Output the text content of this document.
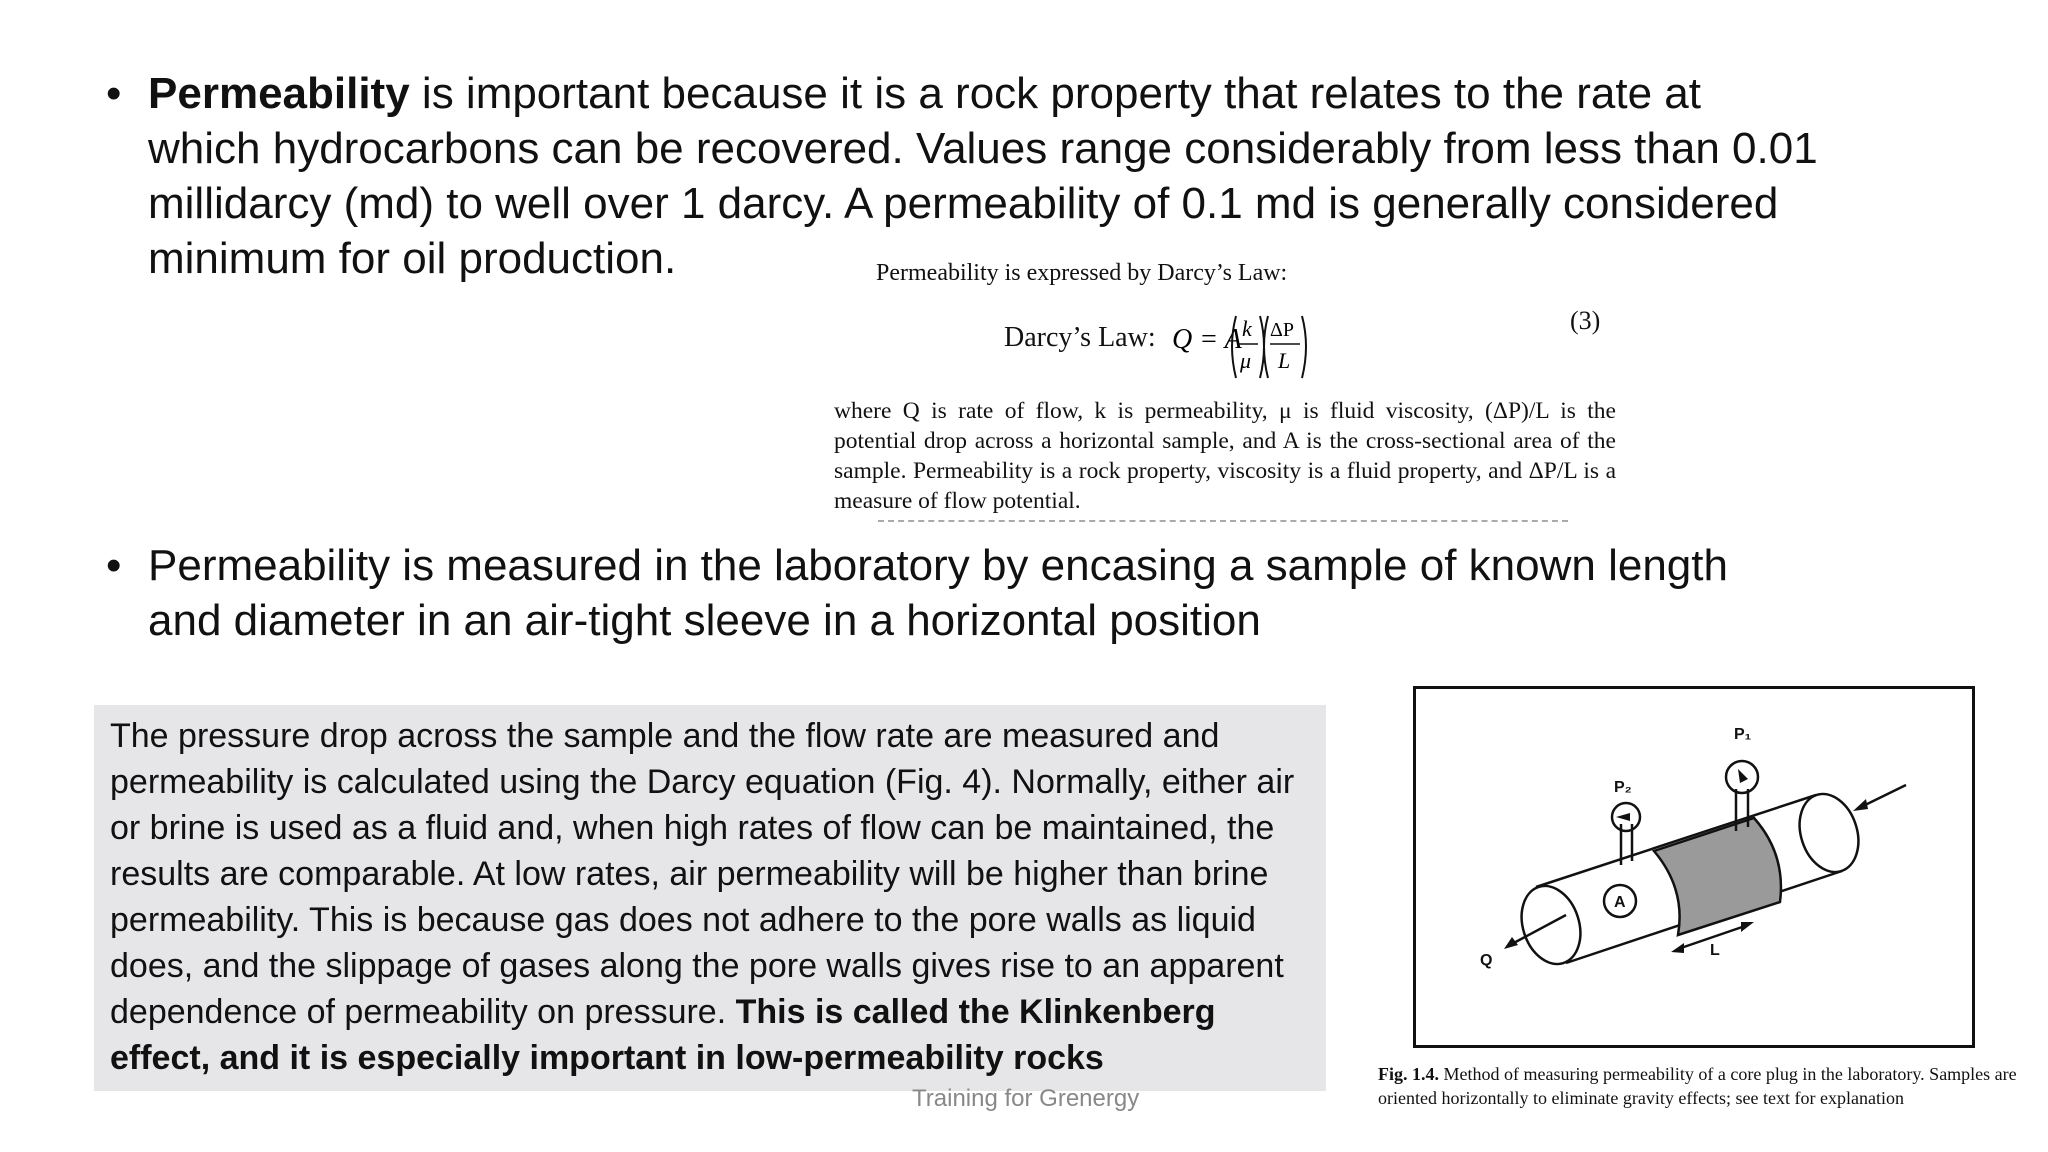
• Permeability is important because it is a rock property that relates to the rate at
which hydrocarbons can be recovered. Values range considerably from less than 0.01
millidarcy (md) to well over 1 darcy. A permeability of 0.1 md is generally considered
minimum for oil production.	Permeability is expressed by Darcy’s Law:
Darcy’s Law: Q = A k
μ
ΔP
L
(3)
where Q is rate of flow, k is permeability, μ is fluid viscosity, (ΔP)/L is the potential drop across a horizontal sample, and A is the cross-sectional area of the sample. Permeability is a rock property, viscosity is a fluid property, and ΔP/L is a measure of flow potential.
• Permeability is measured in the laboratory by encasing a sample of known length
and diameter in an air-tight sleeve in a horizontal position

The pressure drop across the sample and the flow rate are measured and permeability is calculated using the Darcy equation (Fig. 4). Normally, either air or brine is used as a fluid and, when high rates of flow can be maintained, the results are comparable. At low rates, air permeability will be higher than brine permeability. This is because gas does not adhere to the pore walls as liquid does, and the slippage of gases along the pore walls gives rise to an apparent dependence of permeability on pressure. This is called the Klinkenberg effect, and it is especially important in low-permeability rocks

P₁
P₂
A
L
Q
Fig. 1.4. Method of measuring permeability of a core plug in the laboratory. Samples are oriented horizontally to eliminate gravity effects; see text for explanation
Training for Grenergy
